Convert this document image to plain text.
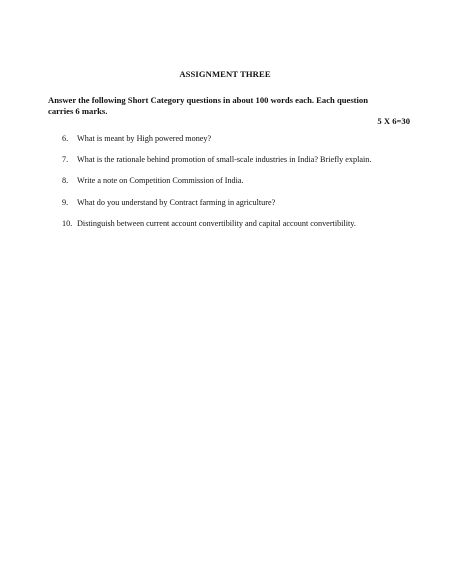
ASSIGNMENT THREE
Answer the following Short Category questions in about 100 words each. Each question carries 6 marks.
5 X 6=30
6. What is meant by High powered money?
7. What is the rationale behind promotion of small-scale industries in India? Briefly explain.
8. Write a note on Competition Commission of India.
9. What do you understand by Contract farming in agriculture?
10. Distinguish between current account convertibility and capital account convertibility.
